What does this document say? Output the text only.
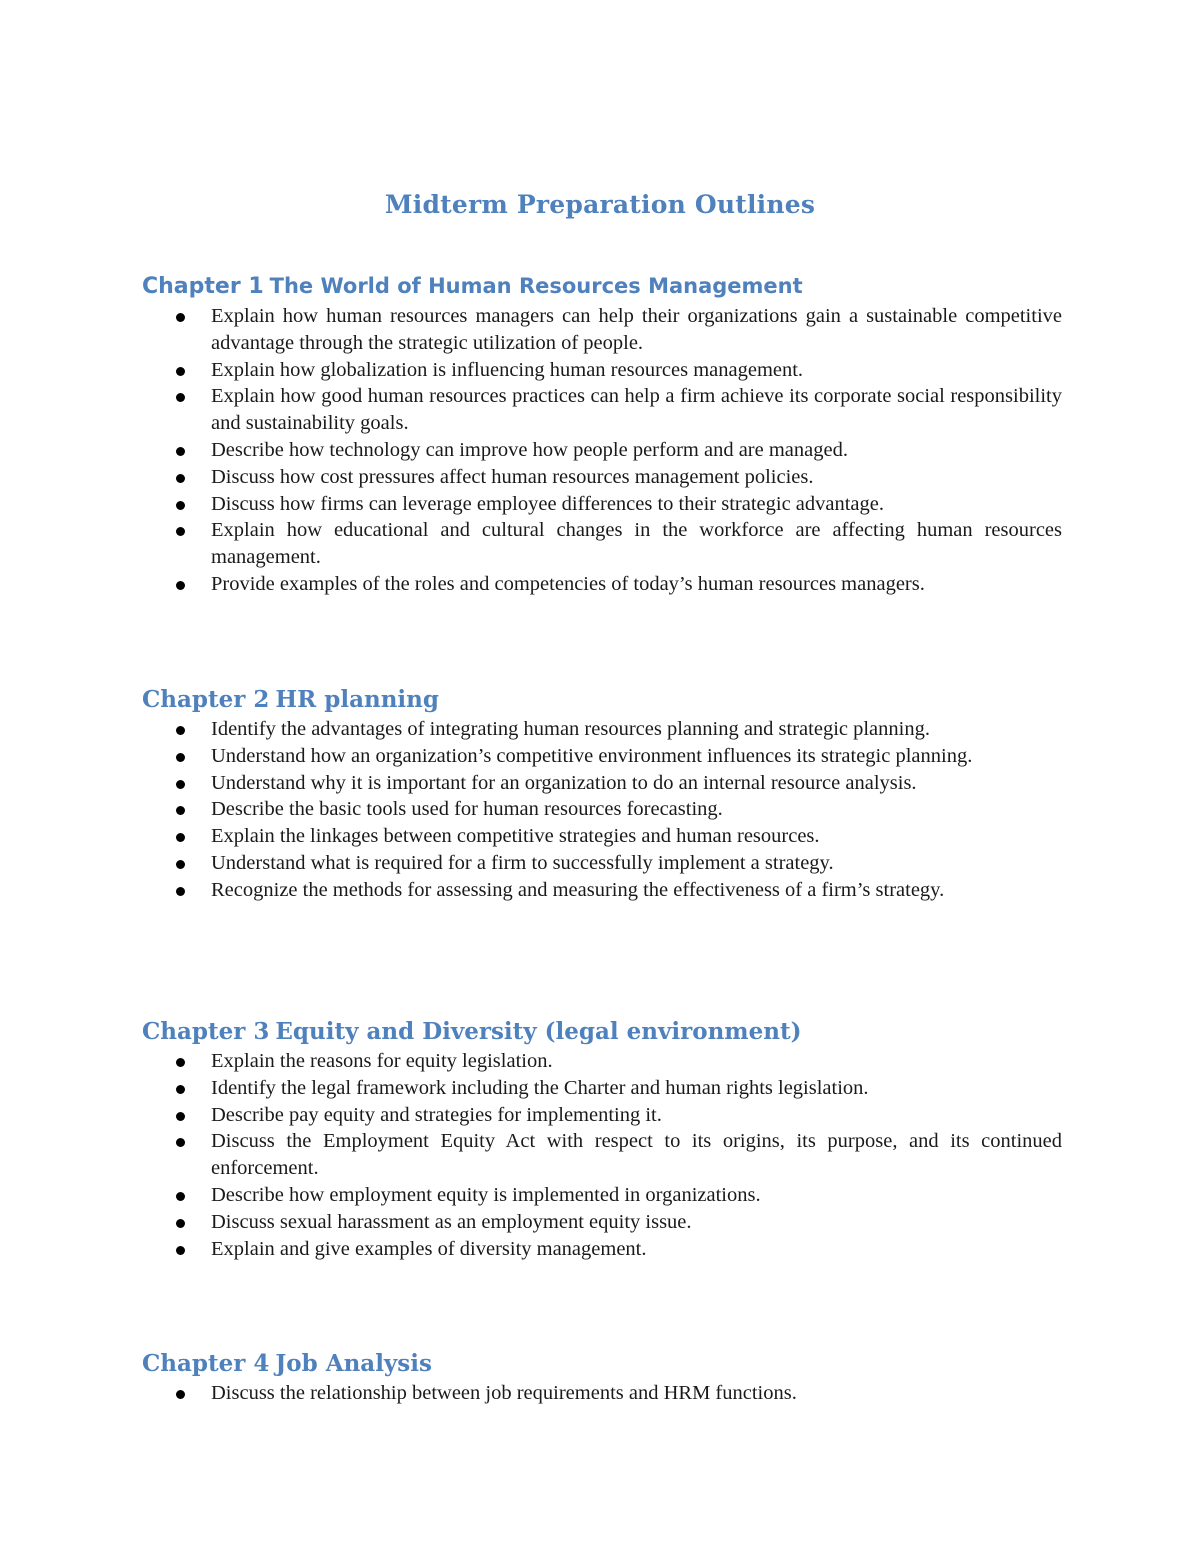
Midterm Preparation Outlines
Chapter 1 The World of Human Resources Management
Explain how human resources managers can help their organizations gain a sustainable competitive advantage through the strategic utilization of people.
Explain how globalization is influencing human resources management.
Explain how good human resources practices can help a firm achieve its corporate social responsibility and sustainability goals.
Describe how technology can improve how people perform and are managed.
Discuss how cost pressures affect human resources management policies.
Discuss how firms can leverage employee differences to their strategic advantage.
Explain how educational and cultural changes in the workforce are affecting human resources management.
Provide examples of the roles and competencies of today’s human resources managers.
Chapter 2 HR planning
Identify the advantages of integrating human resources planning and strategic planning.
Understand how an organization’s competitive environment influences its strategic planning.
Understand why it is important for an organization to do an internal resource analysis.
Describe the basic tools used for human resources forecasting.
Explain the linkages between competitive strategies and human resources.
Understand what is required for a firm to successfully implement a strategy.
Recognize the methods for assessing and measuring the effectiveness of a firm’s strategy.
Chapter 3 Equity and Diversity (legal environment)
Explain the reasons for equity legislation.
Identify the legal framework including the Charter and human rights legislation.
Describe pay equity and strategies for implementing it.
Discuss the Employment Equity Act with respect to its origins, its purpose, and its continued enforcement.
Describe how employment equity is implemented in organizations.
Discuss sexual harassment as an employment equity issue.
Explain and give examples of diversity management.
Chapter 4 Job Analysis
Discuss the relationship between job requirements and HRM functions.
